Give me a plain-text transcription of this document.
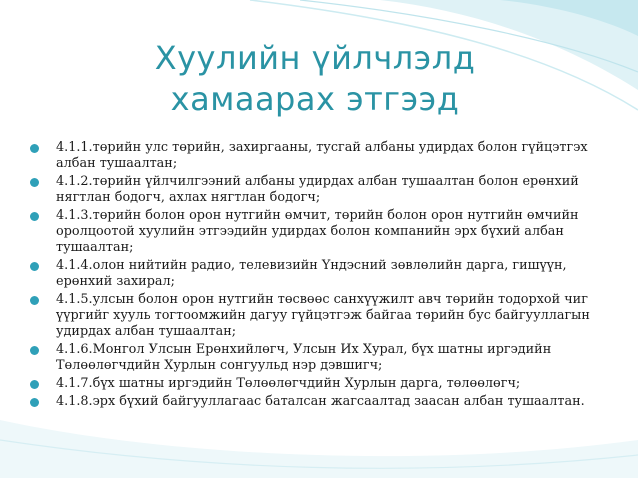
Хуулийн үйлчлэлд
хамаарах этгээд
4.1.1.төрийн улс төрийн, захиргааны, тусгай албаны удирдах болон гүйцэтгэх албан тушаалтан;
4.1.2.төрийн үйлчилгээний албаны удирдах албан тушаалтан болон ерөнхий нягтлан бодогч, ахлах нягтлан бодогч;
4.1.3.төрийн болон орон нутгийн өмчит, төрийн болон орон нутгийн өмчийн оролцоотой хуулийн этгээдийн удирдах болон компанийн эрх бүхий албан тушаалтан;
4.1.4.олон нийтийн радио, телевизийн Үндэсний зөвлөлийн дарга, гишүүн, ерөнхий захирал;
4.1.5.улсын болон орон нутгийн төсвөөс санхүүжилт авч төрийн тодорхой чиг үүргийг хууль тогтоомжийн дагуу гүйцэтгэж байгаа төрийн бус байгууллагын удирдах албан тушаалтан;
4.1.6.Монгол Улсын Ерөнхийлөгч, Улсын Их Хурал, бүх шатны иргэдийн Төлөөлөгчдийн Хурлын сонгуульд нэр дэвшигч;
4.1.7.бүх шатны иргэдийн Төлөөлөгчдийн Хурлын дарга, төлөөлөгч;
4.1.8.эрх бүхий байгууллагаас баталсан жагсаалтад заасан албан тушаалтан.
